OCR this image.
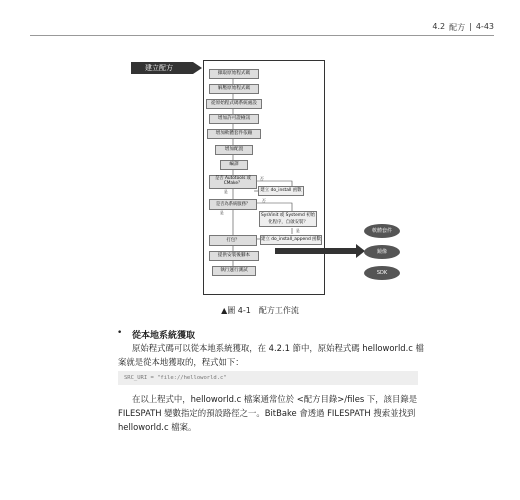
4.2 配方 | 4-43
建立配方
擷取原始程式碼
解壓原始程式碼
從原始程式碼系統處設
增加許可證檢訊
增加軟體套件依賴
增加配置
編譯
是否 Autotools 或 CMake？
否
是	建立 do_install 函數
是否為系統服務？
否
是
SysVinit 或 Systemd 初始化程序，自啟安裝？
是
建立 do_install_append 函數
打包？
提供安裝後腳本
執行運行測試
軟體套件
鏡像
SDK
▲圖 4-1　配方工作流
• 從本地系統獲取
原始程式碼可以從本地系統獲取，在 4.2.1 節中，原始程式碼 helloworld.c 檔
案就是從本地獲取的，程式如下：
SRC_URI = "file://helloworld.c"
在以上程式中，helloworld.c 檔案通常位於 <配方目錄>/files 下，該目錄是
FILESPATH 變數指定的預設路徑之一。BitBake 會透過 FILESPATH 搜索並找到
helloworld.c 檔案。
